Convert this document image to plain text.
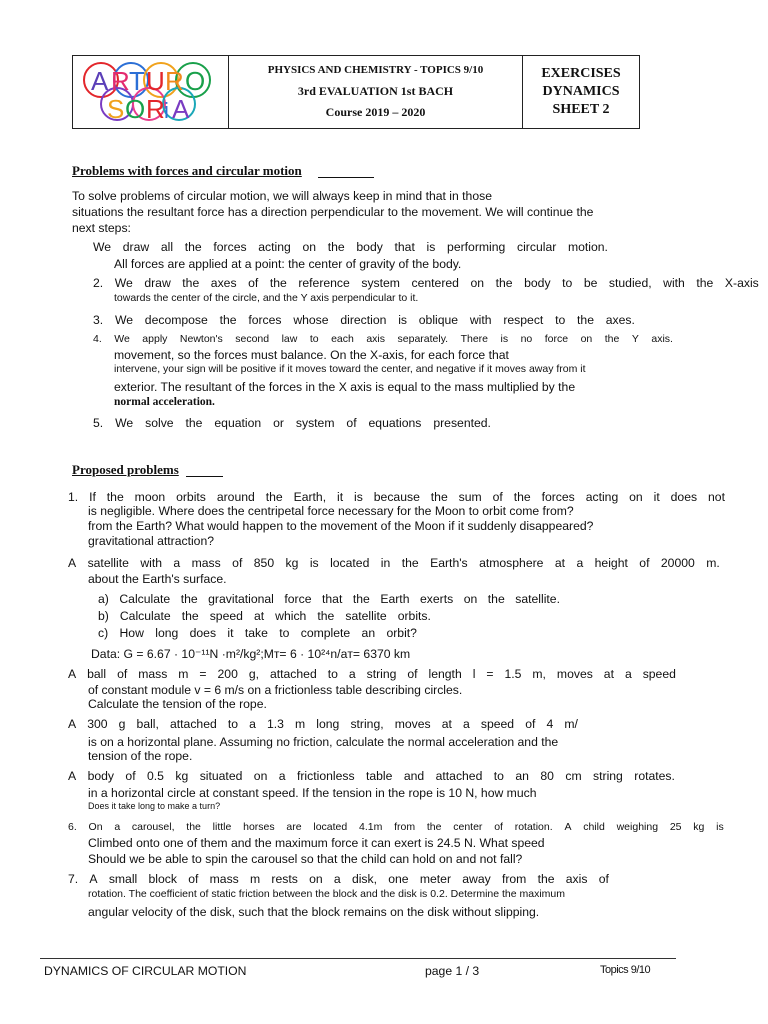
A R T U R O
S O R i A
PHYSICS AND CHEMISTRY - TOPICS 9/10
3rd EVALUATION 1st BACH
Course 2019 – 2020
EXERCISES
DYNAMICS
SHEET 2
Problems with forces and circular motion
To solve problems of circular motion, we will always keep in mind that in those
situations the resultant force has a direction perpendicular to the movement. We will continue the
next steps:
We draw all the forces acting on the body that is performing circular motion.
All forces are applied at a point: the center of gravity of the body.
2. We draw the axes of the reference system centered on the body to be studied, with the X-axis
towards the center of the circle, and the Y axis perpendicular to it.
3. We decompose the forces whose direction is oblique with respect to the axes.
4. We apply Newton's second law to each axis separately. There is no force on the Y axis.
movement, so the forces must balance. On the X-axis, for each force that
intervene, your sign will be positive if it moves toward the center, and negative if it moves away from it
exterior. The resultant of the forces in the X axis is equal to the mass multiplied by the
normal acceleration.
5. We solve the equation or system of equations presented.
Proposed problems
1. If the moon orbits around the Earth, it is because the sum of the forces acting on it does not
is negligible. Where does the centripetal force necessary for the Moon to orbit come from?
from the Earth? What would happen to the movement of the Moon if it suddenly disappeared?
gravitational attraction?
A satellite with a mass of 850 kg is located in the Earth's atmosphere at a height of 20000 m.
about the Earth's surface.
a) Calculate the gravitational force that the Earth exerts on the satellite.
b) Calculate the speed at which the satellite orbits.
c) How long does it take to complete an orbit?
Data: G = 6.67 · 10⁻¹¹N ·m²/kg²;Mᴛ= 6 · 10²⁴n/aᴛ= 6370 km
A ball of mass m = 200 g, attached to a string of length l = 1.5 m, moves at a speed
of constant module v = 6 m/s on a frictionless table describing circles.
Calculate the tension of the rope.
A 300 g ball, attached to a 1.3 m long string, moves at a speed of 4 m/
is on a horizontal plane. Assuming no friction, calculate the normal acceleration and the
tension of the rope.
A body of 0.5 kg situated on a frictionless table and attached to an 80 cm string rotates.
in a horizontal circle at constant speed. If the tension in the rope is 10 N, how much
Does it take long to make a turn?
6. On a carousel, the little horses are located 4.1m from the center of rotation. A child weighing 25 kg is
Climbed onto one of them and the maximum force it can exert is 24.5 N. What speed
Should we be able to spin the carousel so that the child can hold on and not fall?
7. A small block of mass m rests on a disk, one meter away from the axis of
rotation. The coefficient of static friction between the block and the disk is 0.2. Determine the maximum
angular velocity of the disk, such that the block remains on the disk without slipping.
DYNAMICS OF CIRCULAR MOTION	page 1 / 3	Topics 9/10
